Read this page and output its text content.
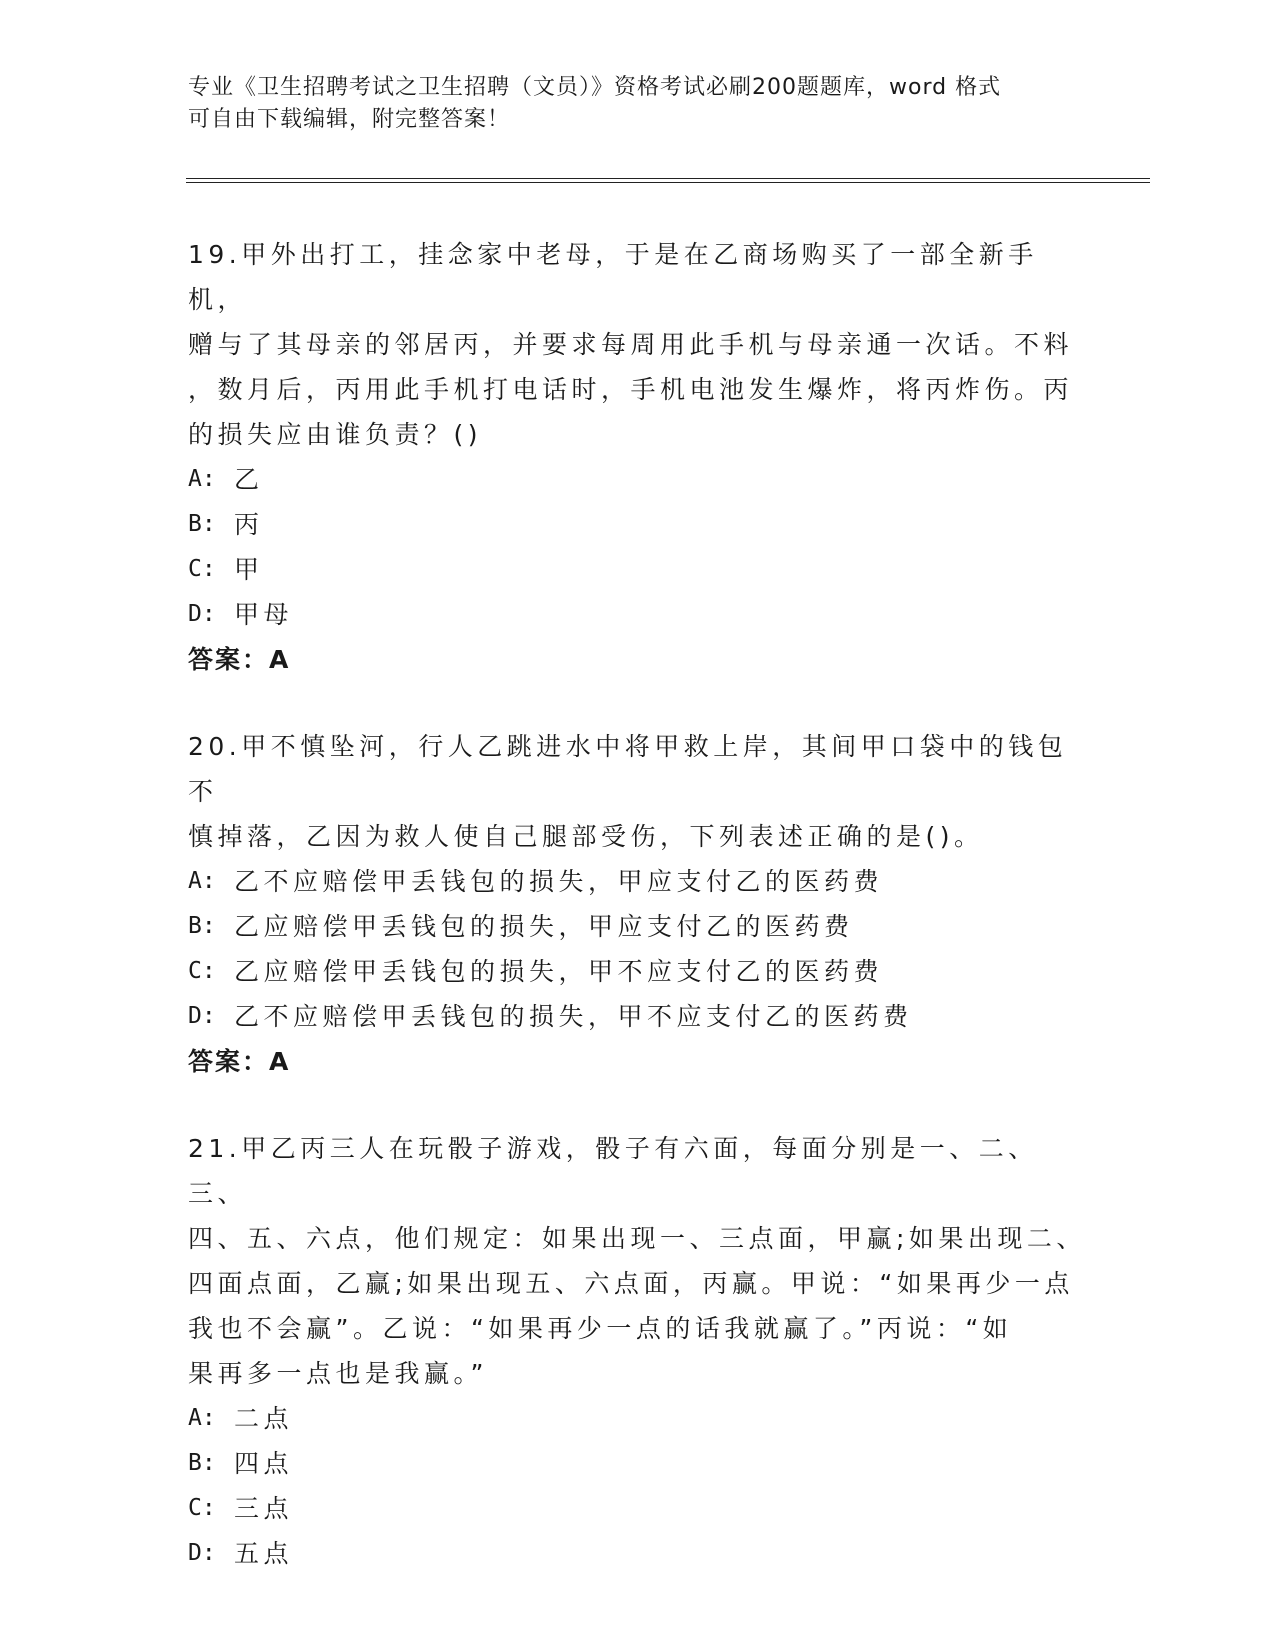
专业《卫生招聘考试之卫生招聘（文员）》资格考试必刷200题题库，word 格式
可自由下载编辑，附完整答案！
19.甲外出打工，挂念家中老母，于是在乙商场购买了一部全新手机，
赠与了其母亲的邻居丙，并要求每周用此手机与母亲通一次话。不料
，数月后，丙用此手机打电话时，手机电池发生爆炸，将丙炸伤。丙
的损失应由谁负责？()
A: 乙
B: 丙
C: 甲
D: 甲母
答案：A
20.甲不慎坠河，行人乙跳进水中将甲救上岸，其间甲口袋中的钱包不
慎掉落，乙因为救人使自己腿部受伤，下列表述正确的是()。
A: 乙不应赔偿甲丢钱包的损失，甲应支付乙的医药费
B: 乙应赔偿甲丢钱包的损失，甲应支付乙的医药费
C: 乙应赔偿甲丢钱包的损失，甲不应支付乙的医药费
D: 乙不应赔偿甲丢钱包的损失，甲不应支付乙的医药费
答案：A
21.甲乙丙三人在玩骰子游戏，骰子有六面，每面分别是一、二、三、
四、五、六点，他们规定：如果出现一、三点面，甲赢;如果出现二、
四面点面，乙赢;如果出现五、六点面，丙赢。甲说：“如果再少一点
我也不会赢”。乙说：“如果再少一点的话我就赢了。”丙说：“如
果再多一点也是我赢。”
A: 二点
B: 四点
C: 三点
D: 五点
